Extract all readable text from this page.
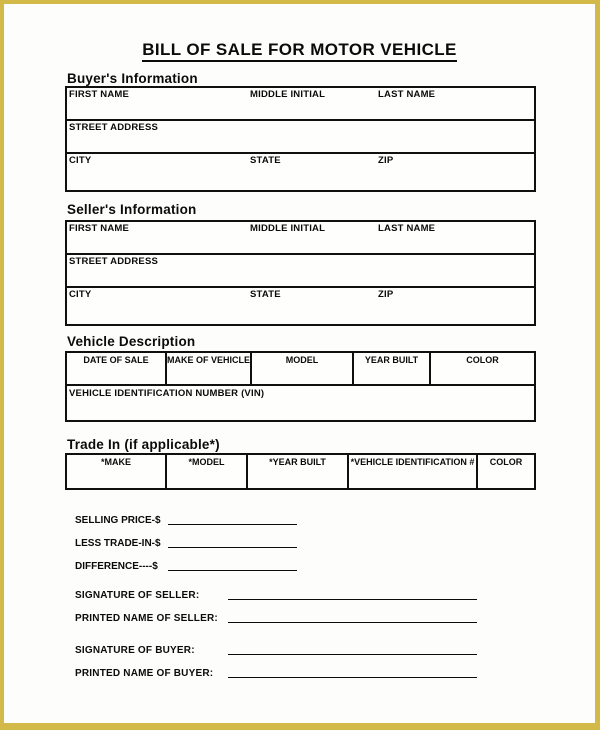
BILL OF SALE FOR MOTOR VEHICLE
Buyer's Information
FIRST NAME	MIDDLE INITIAL	LAST NAME
STREET ADDRESS
CITY	STATE	ZIP
Seller's Information
FIRST NAME	MIDDLE INITIAL	LAST NAME
STREET ADDRESS
CITY	STATE	ZIP
Vehicle Description
DATE OF SALE	MAKE OF VEHICLE	MODEL	YEAR BUILT	COLOR
VEHICLE IDENTIFICATION NUMBER (VIN)
Trade In (if applicable*)
*MAKE	*MODEL	*YEAR BUILT	*VEHICLE IDENTIFICATION #	COLOR
SELLING PRICE-$
LESS TRADE-IN-$
DIFFERENCE----$
SIGNATURE OF SELLER:
PRINTED NAME OF SELLER:
SIGNATURE OF BUYER:
PRINTED NAME OF BUYER:
